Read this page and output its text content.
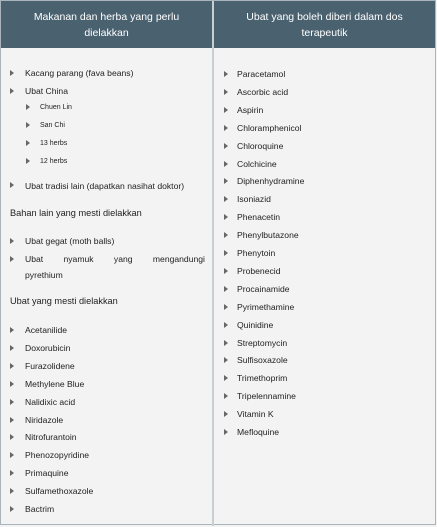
Makanan dan herba yang perlu dielakkan
Ubat yang boleh diberi dalam dos terapeutik
Kacang parang (fava beans)
Ubat China
Chuen Lin
San Chi
13 herbs
12 herbs
Ubat tradisi lain (dapatkan nasihat doktor)
Bahan lain yang mesti dielakkan
Ubat gegat (moth balls)
Ubat nyamuk yang mengandungi
pyrethium
Ubat yang mesti dielakkan
Acetanilide
Doxorubicin
Furazolidene
Methylene Blue
Nalidixic acid
Niridazole
Nitrofurantoin
Phenozopyridine
Primaquine
Sulfamethoxazole
Bactrim
Paracetamol
Ascorbic acid
Aspirin
Chloramphenicol
Chloroquine
Colchicine
Diphenhydramine
Isoniazid
Phenacetin
Phenylbutazone
Phenytoin
Probenecid
Procainamide
Pyrimethamine
Quinidine
Streptomycin
Sulfisoxazole
Trimethoprim
Tripelennamine
Vitamin K
Mefloquine
